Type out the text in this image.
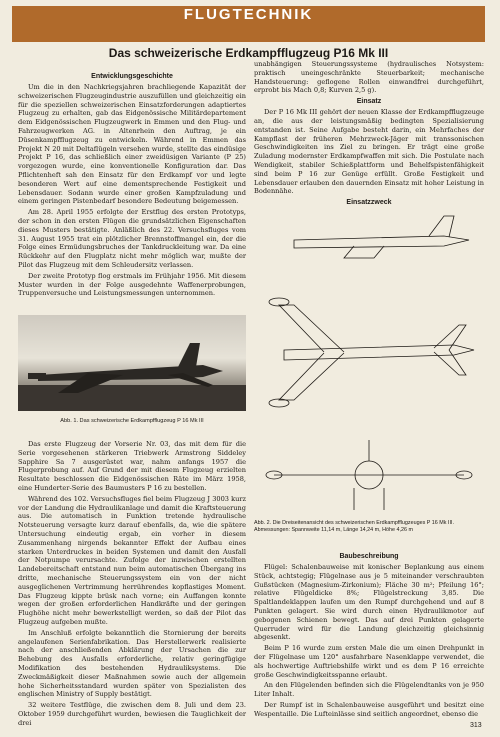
FLUGTECHNIK
Das schweizerische Erdkampfflugzeug P16 Mk III
Entwicklungsgeschichte

Um die in den Nachkriegsjahren brachliegende Kapazität der schweizerischen Flugzeugindustrie auszufüllen und gleichzeitig ein für die speziellen schweizerischen Einsatzforderungen adaptiertes Flugzeug zu erhalten, gab das Eidgenössische Militärdepartement dem Eidgenössischen Flugzeugwerk in Emmen und den Flug- und Fahrzeugwerken AG. in Altenrhein den Auftrag, je ein Düsenkampfflugzeug zu entwickeln. Während in Emmen das Projekt N 20 mit Deltaflügeln versehen wurde, stellte das eindüsige Projekt P 16, das schließlich einer zweidüsigen Variante (P 25) vorgezogen wurde, eine konventionelle Konfiguration dar. Das Pflichtenheft sah den Einsatz für den Erdkampf vor und legte besonderen Wert auf eine dementsprechende Festigkeit und Lebensdauer. Sodann wurde einer großen Kampfzuladung und einem geringen Pistenbedarf besondere Bedeutung beigemessen.

Am 28. April 1955 erfolgte der Erstflug des ersten Prototyps, der schon in den ersten Flügen die grundsätzlichen Eigenschaften dieses Musters bestätigte. Anläßlich des 22. Versuchsfluges vom 31. August 1955 trat ein plötzlicher Brennstoffmangel ein, der die Folge eines Ermüdungsbruches der Tankdruckleitung war. Da eine Rückkehr auf den Flugplatz nicht mehr möglich war, mußte der Pilot das Flugzeug mit dem Schleudersitz verlassen.

Der zweite Prototyp flog erstmals im Frühjahr 1956. Mit diesem Muster wurden in der Folge ausgedehnte Waffenerprobungen, Truppenversuche und Leistungsmessungen unternommen.

Abb. 1. Das schweizerische Erdkampfflugzeug P 16 Mk III

Das erste Flugzeug der Vorserie Nr. 03, das mit dem für die Serie vorgesehenen stärkeren Triebwerk Armstrong Siddeley Sapphire Sa 7 ausgerüstet war, nahm anfangs 1957 die Flugerprobung auf. Auf Grund der mit diesem Flugzeug erzielten Resultate beschlossen die Eidgenössischen Räte im März 1958, eine Hunderter-Serie des Baumusters P 16 zu bestellen.

Während des 102. Versuchsfluges fiel beim Flugzeug J 3003 kurz vor der Landung die Hydraulikanlage und damit die Kraftsteuerung aus. Die automatisch in Funktion tretende hydraulische Notsteuerung versagte kurz darauf ebenfalls, da, wie die spätere Untersuchung eindeutig ergab, ein vorher in diesem Zusammenhang nirgends bekannter Effekt der Aufbau eines starken Unterdruckes in beiden Systemen und damit den Ausfall der Notpumpe verursachte. Zufolge der inzwischen erstellten Landebereitschaft entstand nun beim automatischen Übergang ins dritte, mechanische Steuerungssystem ein von der nicht ausgeglichenen Vertrimmung herrührendes kopflastiges Moment. Das Flugzeug kippte brüsk nach vorne; ein Auffangen konnte wegen der großen erforderlichen Handkräfte und der geringen Flughöhe nicht mehr bewerkstelligt werden, so daß der Pilot das Flugzeug aufgeben mußte.

Im Anschluß erfolgte bekanntlich die Stornierung der bereits angelaufenen Serienfabrikation. Das Herstellerwerk realisierte nach der anschließenden Abklärung der Ursachen die zur Behebung des Ausfalls erforderliche, relativ geringfügige Modifikation des bestehenden Hydrauliksystems. Die Zweckmäßigkeit dieser Maßnahmen sowie auch der allgemein hohe Sicherheitsstandard wurden später von Spezialisten des englischen Ministry of Supply bestätigt.

32 weitere Testflüge, die zwischen dem 8. Juli und dem 23. Oktober 1959 durchgeführt wurden, bewiesen die Tauglichkeit der drei

unabhängigen Steuerungssysteme (hydraulisches Notsystem: praktisch uneingeschränkte Steuerbarkeit; mechanische Handsteuerung: geflogene Rollen einwandfrei durchgeführt, erprobt bis Mach 0,8; Kurven 2,5 g).

Einsatz

Der P 16 Mk III gehört der neuen Klasse der Erdkampfflugzeuge an, die aus der leistungsmäßig bedingten Spezialisierung entstanden ist. Seine Aufgabe besteht darin, ein Mehrfaches der Kampflast der früheren Mehrzweck-Jäger mit transsonischen Geschwindigkeiten ins Ziel zu bringen. Er trägt eine große Zuladung modernster Erdkampfwaffen mit sich. Die Postulate nach Wendigkeit, stabiler Schießplattform und Behelfspistenfähigkeit sind beim P 16 zur Genüge erfüllt. Große Festigkeit und Lebensdauer erlauben den dauernden Einsatz mit hoher Leistung in Bodennähe.

Einsatzzweck
Abb. 2. Die Dreiseitenansicht des schweizerischen Erdkampfflugzeuges P 16 Mk III. Abmessungen: Spannweite 11,14 m, Länge 14,24 m, Höhe 4,26 m
Baubeschreibung

Flügel: Schalenbauweise mit konischer Beplankung aus einem Stück, achtstegig; Flügelnase aus je 5 miteinander verschraubten Gußstücken (Magnesium-Zirkonium); Fläche 30 m²; Pfeilung 16°; relative Flügeldicke 8%; Flügelstreckung 3,85. Die Spaltlandeklappen laufen um den Rumpf durchgehend und auf 8 Punkten gelagert. Sie wird durch einen Hydraulikmotor auf gebogenen Schienen bewegt. Das auf drei Punkten gelagerte Querruder wird für die Landung gleichzeitig gleichsinnig abgesenkt.

Beim P 16 wurde zum ersten Male die um einen Drehpunkt in der Flügelnase um 120° ausfahrbare Nasenklappe verwendet, die als hochwertige Auftriebshilfe wirkt und es dem P 16 erreichte große Geschwindigkeitsspanne erlaubt.

An den Flügelenden befinden sich die Flügelendtanks von je 950 Liter Inhalt.

Der Rumpf ist in Schalenbauweise ausgeführt und besitzt eine Wespentaille. Die Lufteinlässe sind seitlich angeordnet, ebenso die

313
